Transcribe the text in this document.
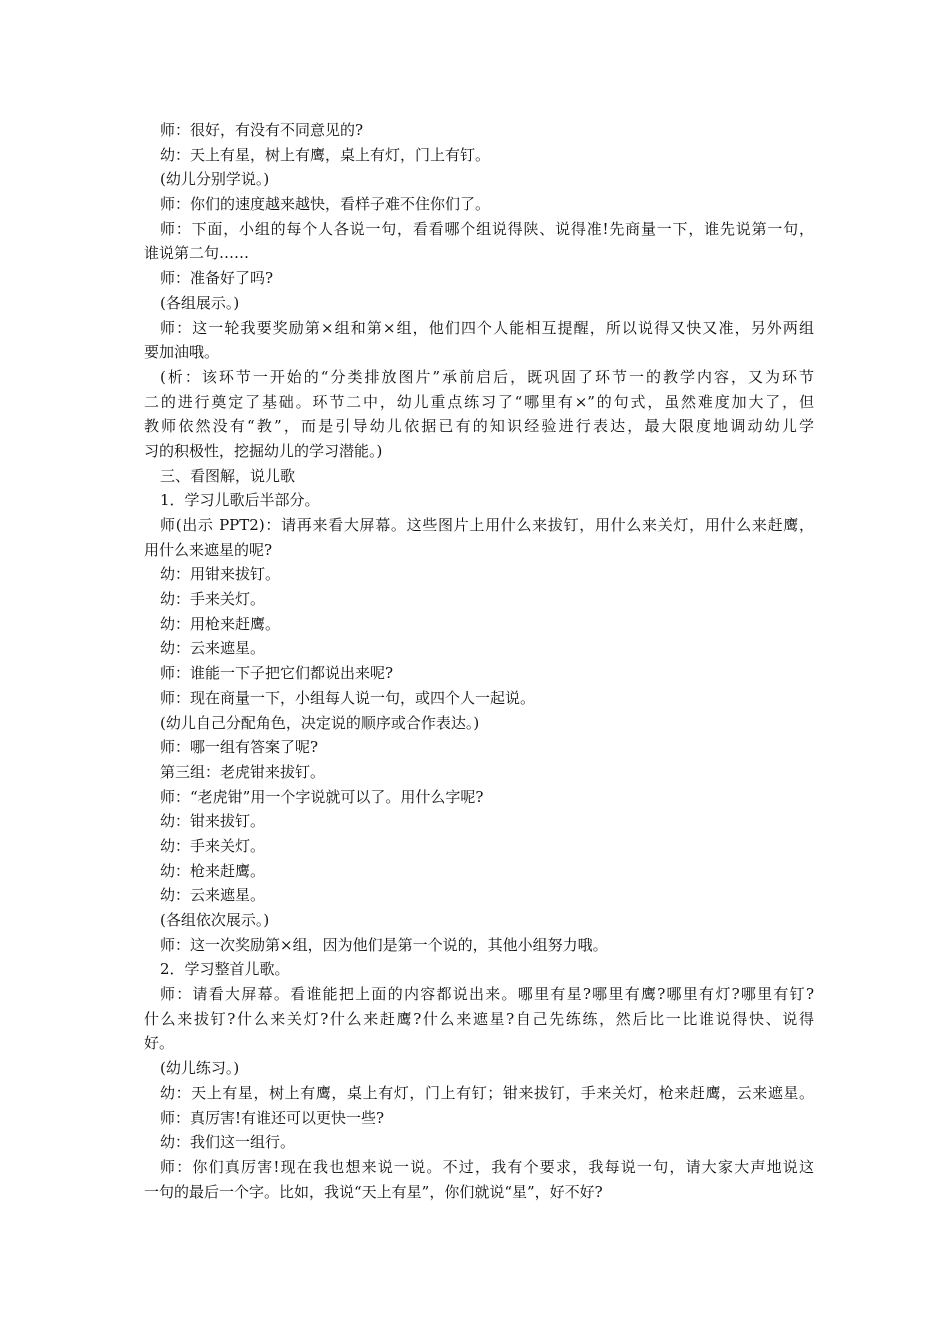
师：很好，有没有不同意见的?
幼：天上有星，树上有鹰，桌上有灯，门上有钉。
(幼儿分别学说。)
师：你们的速度越来越快，看样子难不住你们了。
师：下面，小组的每个人各说一句，看看哪个组说得陕、说得准!先商量一下，谁先说第一句，
谁说第二句……
师：准备好了吗?
(各组展示。)
师：这一轮我要奖励第×组和第×组，他们四个人能相互提醒，所以说得又快又准，另外两组
要加油哦。
(析：该环节一开始的“分类排放图片”承前启后，既巩固了环节一的教学内容，又为环节
二的进行奠定了基础。环节二中，幼儿重点练习了“哪里有×”的句式，虽然难度加大了，但
教师依然没有“教”，而是引导幼儿依据已有的知识经验进行表达，最大限度地调动幼儿学
习的积极性，挖掘幼儿的学习潜能。)
三、看图解，说儿歌
1．学习儿歌后半部分。
师(出示 PPT2)：请再来看大屏幕。这些图片上用什么来拔钉，用什么来关灯，用什么来赶鹰，
用什么来遮星的呢?
幼：用钳来拔钉。
幼：手来关灯。
幼：用枪来赶鹰。
幼：云来遮星。
师：谁能一下子把它们都说出来呢?
师：现在商量一下，小组每人说一句，或四个人一起说。
(幼儿自己分配角色，决定说的顺序或合作表达。)
师：哪一组有答案了呢?
第三组：老虎钳来拔钉。
师：“老虎钳”用一个字说就可以了。用什么字呢?
幼：钳来拔钉。
幼：手来关灯。
幼：枪来赶鹰。
幼：云来遮星。
(各组依次展示。)
师：这一次奖励第×组，因为他们是第一个说的，其他小组努力哦。
2．学习整首儿歌。
师：请看大屏幕。看谁能把上面的内容都说出来。哪里有星?哪里有鹰?哪里有灯?哪里有钉?
什么来拔钉?什么来关灯?什么来赶鹰?什么来遮星?自己先练练，然后比一比谁说得快、说得
好。
(幼儿练习。)
幼：天上有星，树上有鹰，桌上有灯，门上有钉；钳来拔钉，手来关灯，枪来赶鹰，云来遮星。
师：真厉害!有谁还可以更快一些?
幼：我们这一组行。
师：你们真厉害!现在我也想来说一说。不过，我有个要求，我每说一句，请大家大声地说这
一句的最后一个字。比如，我说“天上有星”，你们就说“星”，好不好?
